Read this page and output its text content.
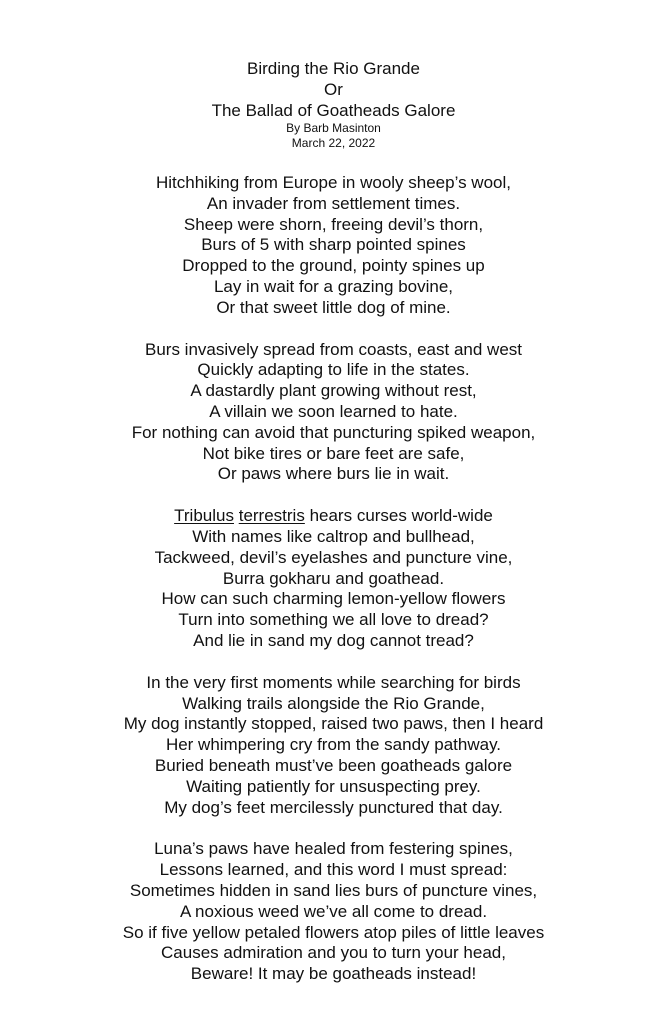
Birding the Rio Grande
Or
The Ballad of Goatheads Galore
By Barb Masinton
March 22, 2022
Hitchhiking from Europe in wooly sheep’s wool,
An invader from settlement times.
Sheep were shorn, freeing devil’s thorn,
Burs of 5 with sharp pointed spines
Dropped to the ground, pointy spines up
Lay in wait for a grazing bovine,
Or that sweet little dog of mine.
Burs invasively spread from coasts, east and west
Quickly adapting to life in the states.
A dastardly plant growing without rest,
A villain we soon learned to hate.
For nothing can avoid that puncturing spiked weapon,
Not bike tires or bare feet are safe,
Or paws where burs lie in wait.
Tribulus terrestris hears curses world-wide
With names like caltrop and bullhead,
Tackweed, devil’s eyelashes and puncture vine,
Burra gokharu and goathead.
How can such charming lemon-yellow flowers
Turn into something we all love to dread?
And lie in sand my dog cannot tread?
In the very first moments while searching for birds
Walking trails alongside the Rio Grande,
My dog instantly stopped, raised two paws, then I heard
Her whimpering cry from the sandy pathway.
Buried beneath must’ve been goatheads galore
Waiting patiently for unsuspecting prey.
My dog’s feet mercilessly punctured that day.
Luna’s paws have healed from festering spines,
Lessons learned, and this word I must spread:
Sometimes hidden in sand lies burs of puncture vines,
A noxious weed we’ve all come to dread.
So if five yellow petaled flowers atop piles of little leaves
Causes admiration and you to turn your head,
Beware! It may be goatheads instead!
